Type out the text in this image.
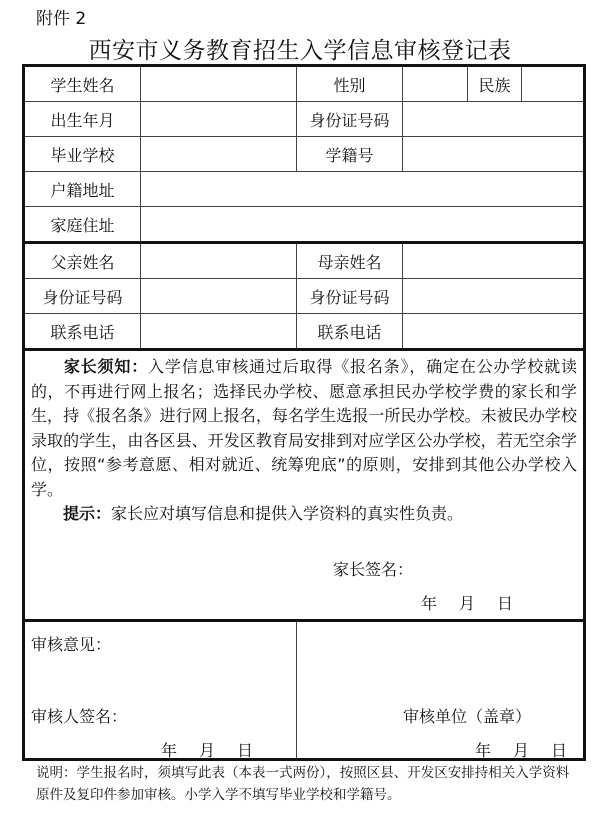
附件 2
西安市义务教育招生入学信息审核登记表
学生姓名		性别		民族	
出生年月		身份证号码			
毕业学校		学籍号			
户籍地址					
家庭住址					
父亲姓名		母亲姓名			
身份证号码		身份证号码			
联系电话		联系电话			

家长须知：入学信息审核通过后取得《报名条》，确定在公办学校就读的，不再进行网上报名；选择民办学校、愿意承担民办学校学费的家长和学生，持《报名条》进行网上报名，每名学生选报一所民办学校。未被民办学校录取的学生，由各区县、开发区教育局安排到对应学区公办学校，若无空余学位，按照“参考意愿、相对就近、统筹兜底”的原则，安排到其他公办学校入学。

提示：家长应对填写信息和提供入学资料的真实性负责。

家长签名：
年 月 日					

审核意见：
审核人签名：
年 月 日

审核单位（盖章）
年 月 日
说明：学生报名时，须填写此表（本表一式两份），按照区县、开发区安排持相关入学资料原件及复印件参加审核。小学入学不填写毕业学校和学籍号。
